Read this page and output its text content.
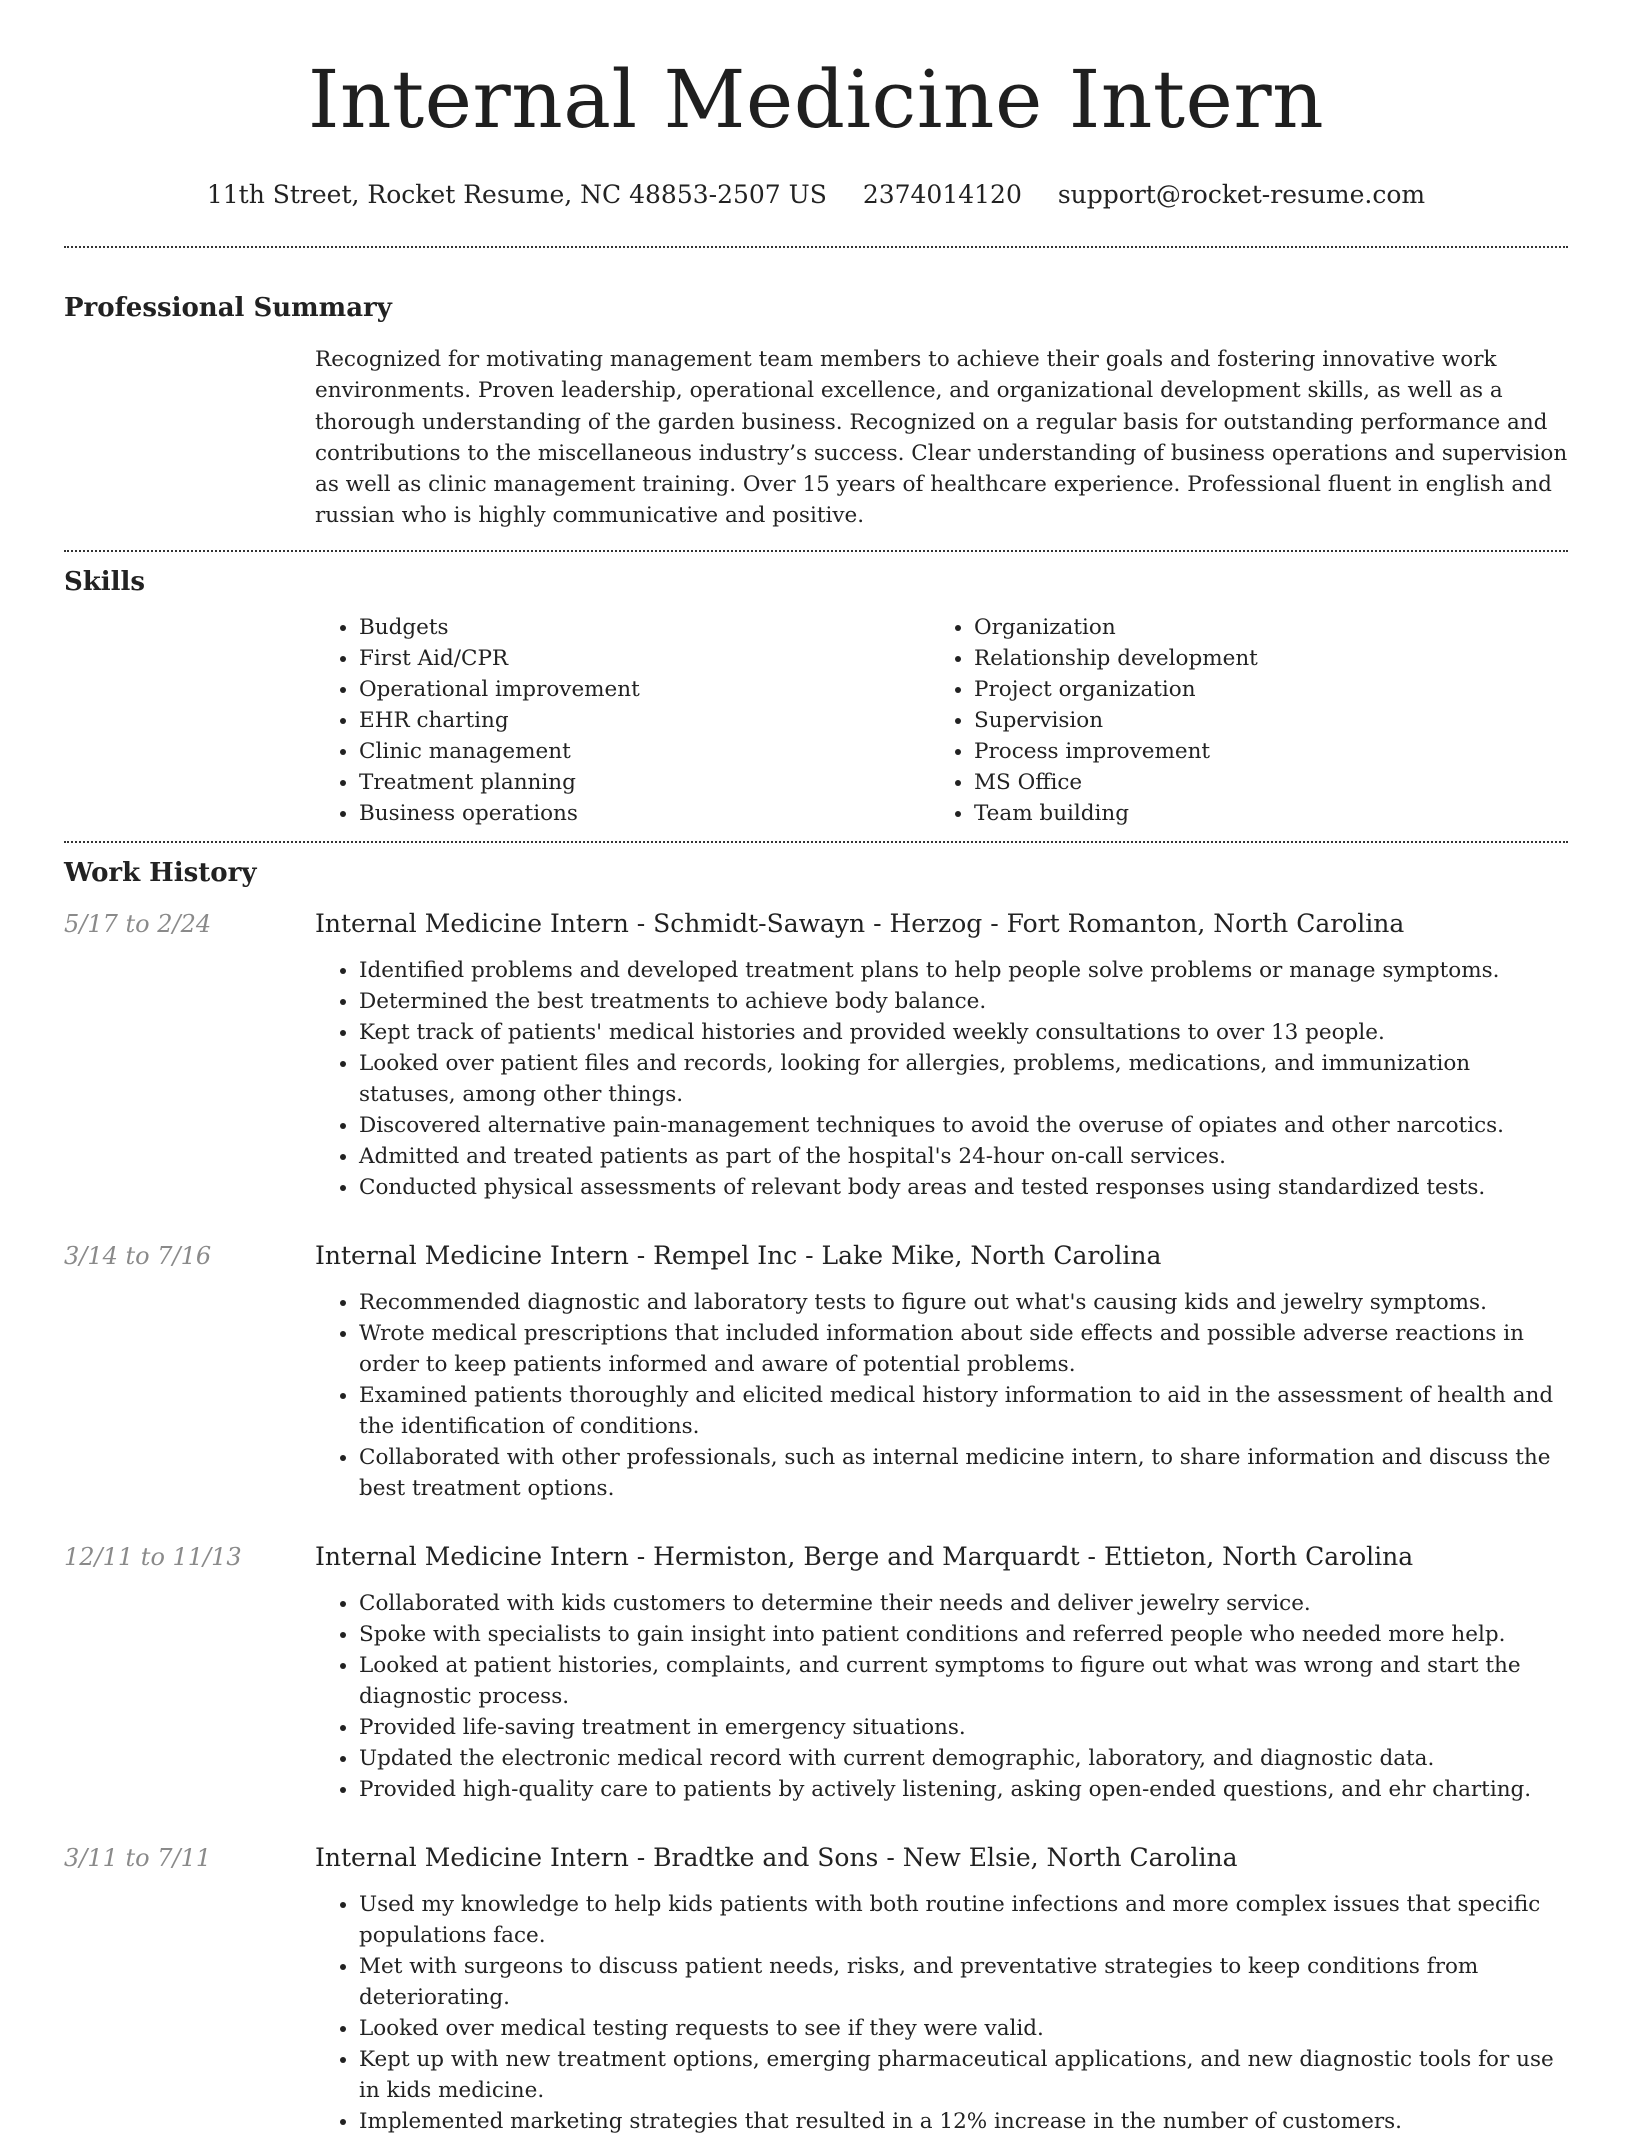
Internal Medicine Intern
11th Street, Rocket Resume, NC 48853-2507 US 2374014120 support@rocket-resume.com
Professional Summary
Recognized for motivating management team members to achieve their goals and fostering innovative work environments. Proven leadership, operational excellence, and organizational development skills, as well as a thorough understanding of the garden business. Recognized on a regular basis for outstanding performance and contributions to the miscellaneous industry’s success. Clear understanding of business operations and supervision as well as clinic management training. Over 15 years of healthcare experience. Professional fluent in english and russian who is highly communicative and positive.
Skills
• Budgets
• First Aid/CPR
• Operational improvement
• EHR charting
• Clinic management
• Treatment planning
• Business operations
• Organization
• Relationship development
• Project organization
• Supervision
• Process improvement
• MS Office
• Team building
Work History
5/17 to 2/24	Internal Medicine Intern - Schmidt-Sawayn - Herzog - Fort Romanton, North Carolina
• Identified problems and developed treatment plans to help people solve problems or manage symptoms.
• Determined the best treatments to achieve body balance.
• Kept track of patients' medical histories and provided weekly consultations to over 13 people.
• Looked over patient files and records, looking for allergies, problems, medications, and immunization statuses, among other things.
• Discovered alternative pain-management techniques to avoid the overuse of opiates and other narcotics.
• Admitted and treated patients as part of the hospital's 24-hour on-call services.
• Conducted physical assessments of relevant body areas and tested responses using standardized tests.
3/14 to 7/16	Internal Medicine Intern - Rempel Inc - Lake Mike, North Carolina
• Recommended diagnostic and laboratory tests to figure out what's causing kids and jewelry symptoms.
• Wrote medical prescriptions that included information about side effects and possible adverse reactions in order to keep patients informed and aware of potential problems.
• Examined patients thoroughly and elicited medical history information to aid in the assessment of health and the identification of conditions.
• Collaborated with other professionals, such as internal medicine intern, to share information and discuss the best treatment options.
12/11 to 11/13	Internal Medicine Intern - Hermiston, Berge and Marquardt - Ettieton, North Carolina
• Collaborated with kids customers to determine their needs and deliver jewelry service.
• Spoke with specialists to gain insight into patient conditions and referred people who needed more help.
• Looked at patient histories, complaints, and current symptoms to figure out what was wrong and start the diagnostic process.
• Provided life-saving treatment in emergency situations.
• Updated the electronic medical record with current demographic, laboratory, and diagnostic data.
• Provided high-quality care to patients by actively listening, asking open-ended questions, and ehr charting.
3/11 to 7/11	Internal Medicine Intern - Bradtke and Sons - New Elsie, North Carolina
• Used my knowledge to help kids patients with both routine infections and more complex issues that specific populations face.
• Met with surgeons to discuss patient needs, risks, and preventative strategies to keep conditions from deteriorating.
• Looked over medical testing requests to see if they were valid.
• Kept up with new treatment options, emerging pharmaceutical applications, and new diagnostic tools for use in kids medicine.
• Implemented marketing strategies that resulted in a 12% increase in the number of customers.
